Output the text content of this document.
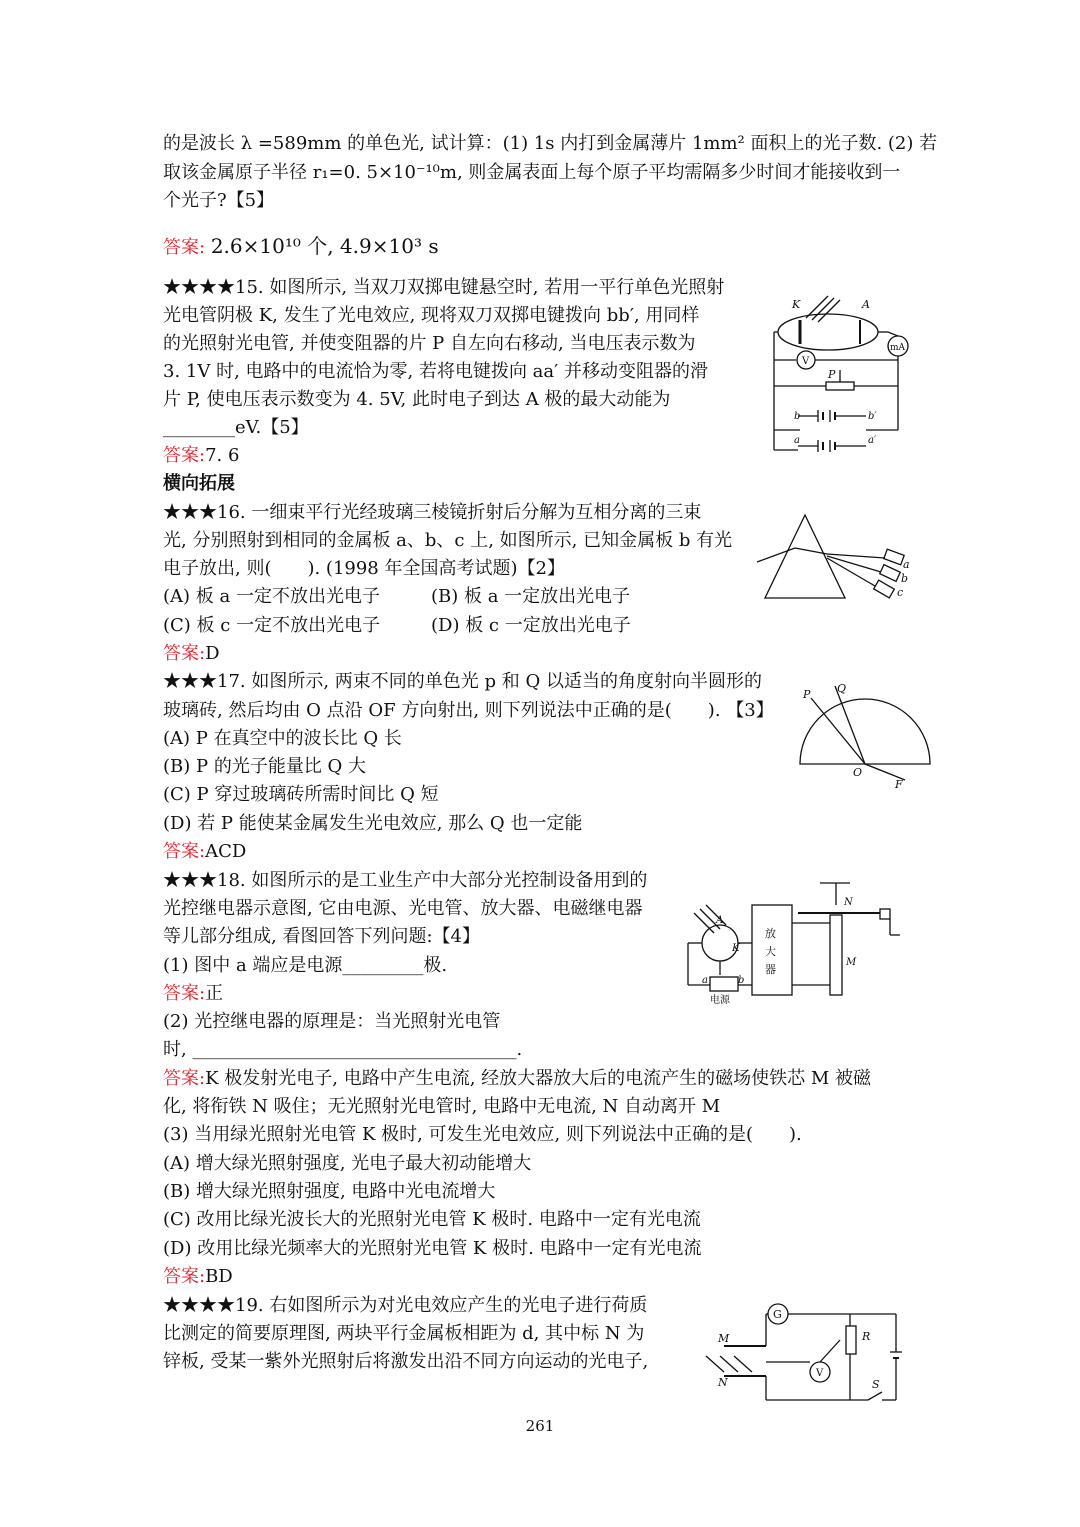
的是波长 λ =589mm 的单色光, 试计算：(1) 1s 内打到金属薄片 1mm² 面积上的光子数. (2) 若
取该金属原子半径 r₁=0. 5×10⁻¹⁰m, 则金属表面上每个原子平均需隔多少时间才能接收到一
个光子?【5】
答案: 2.6×10¹⁰ 个, 4.9×10³ s
★★★★15. 如图所示, 当双刀双掷电键悬空时, 若用一平行单色光照射
光电管阴极 K, 发生了光电效应, 现将双刀双掷电键拨向 bb′, 用同样
的光照射光电管, 并使变阻器的片 P 自左向右移动, 当电压表示数为
3. 1V 时, 电路中的电流恰为零, 若将电键拨向 aa′ 并移动变阻器的滑
片 P, 使电压表示数变为 4. 5V, 此时电子到达 A 极的最大动能为
________eV.【5】
答案:7. 6
横向拓展
★★★16. 一细束平行光经玻璃三棱镜折射后分解为互相分离的三束
光, 分别照射到相同的金属板 a、b、c 上, 如图所示, 已知金属板 b 有光
电子放出, 则(　　). (1998 年全国高考试题)【2】
(A) 板 a 一定不放出光电子	(B) 板 a 一定放出光电子
(C) 板 c 一定不放出光电子	(D) 板 c 一定放出光电子
答案:D
★★★17. 如图所示, 两束不同的单色光 p 和 Q 以适当的角度射向半圆形的
玻璃砖, 然后均由 O 点沿 OF 方向射出, 则下列说法中正确的是(　　). 【3】
(A) P 在真空中的波长比 Q 长
(B) P 的光子能量比 Q 大
(C) P 穿过玻璃砖所需时间比 Q 短
(D) 若 P 能使某金属发生光电效应, 那么 Q 也一定能
答案:ACD
★★★18. 如图所示的是工业生产中大部分光控制设备用到的
光控继电器示意图, 它由电源、光电管、放大器、电磁继电器
等儿部分组成, 看图回答下列问题:【4】
(1) 图中 a 端应是电源_________极.
答案:正
(2) 光控继电器的原理是：当光照射光电管
时, ____________________________________.
答案:K 极发射光电子, 电路中产生电流, 经放大器放大后的电流产生的磁场使铁芯 M 被磁
化, 将衔铁 N 吸住；无光照射光电管时, 电路中无电流, N 自动离开 M
(3) 当用绿光照射光电管 K 极时, 可发生光电效应, 则下列说法中正确的是(　　).
(A) 增大绿光照射强度, 光电子最大初动能增大
(B) 增大绿光照射强度, 电路中光电流增大
(C) 改用比绿光波长大的光照射光电管 K 极时. 电路中一定有光电流
(D) 改用比绿光频率大的光照射光电管 K 极时. 电路中一定有光电流
答案:BD
★★★★19. 右如图所示为对光电效应产生的光电子进行荷质
比测定的简要原理图, 两块平行金属板相距为 d, 其中标 N 为
锌板, 受某一紫外光照射后将激发出沿不同方向运动的光电子,
261
K	A
mA
V
P
b	b′
a	a′
a
b
c
P Q
O
F
A
K
放
大
器
a	b
电源
M
N
M
N
G
R
V
S
